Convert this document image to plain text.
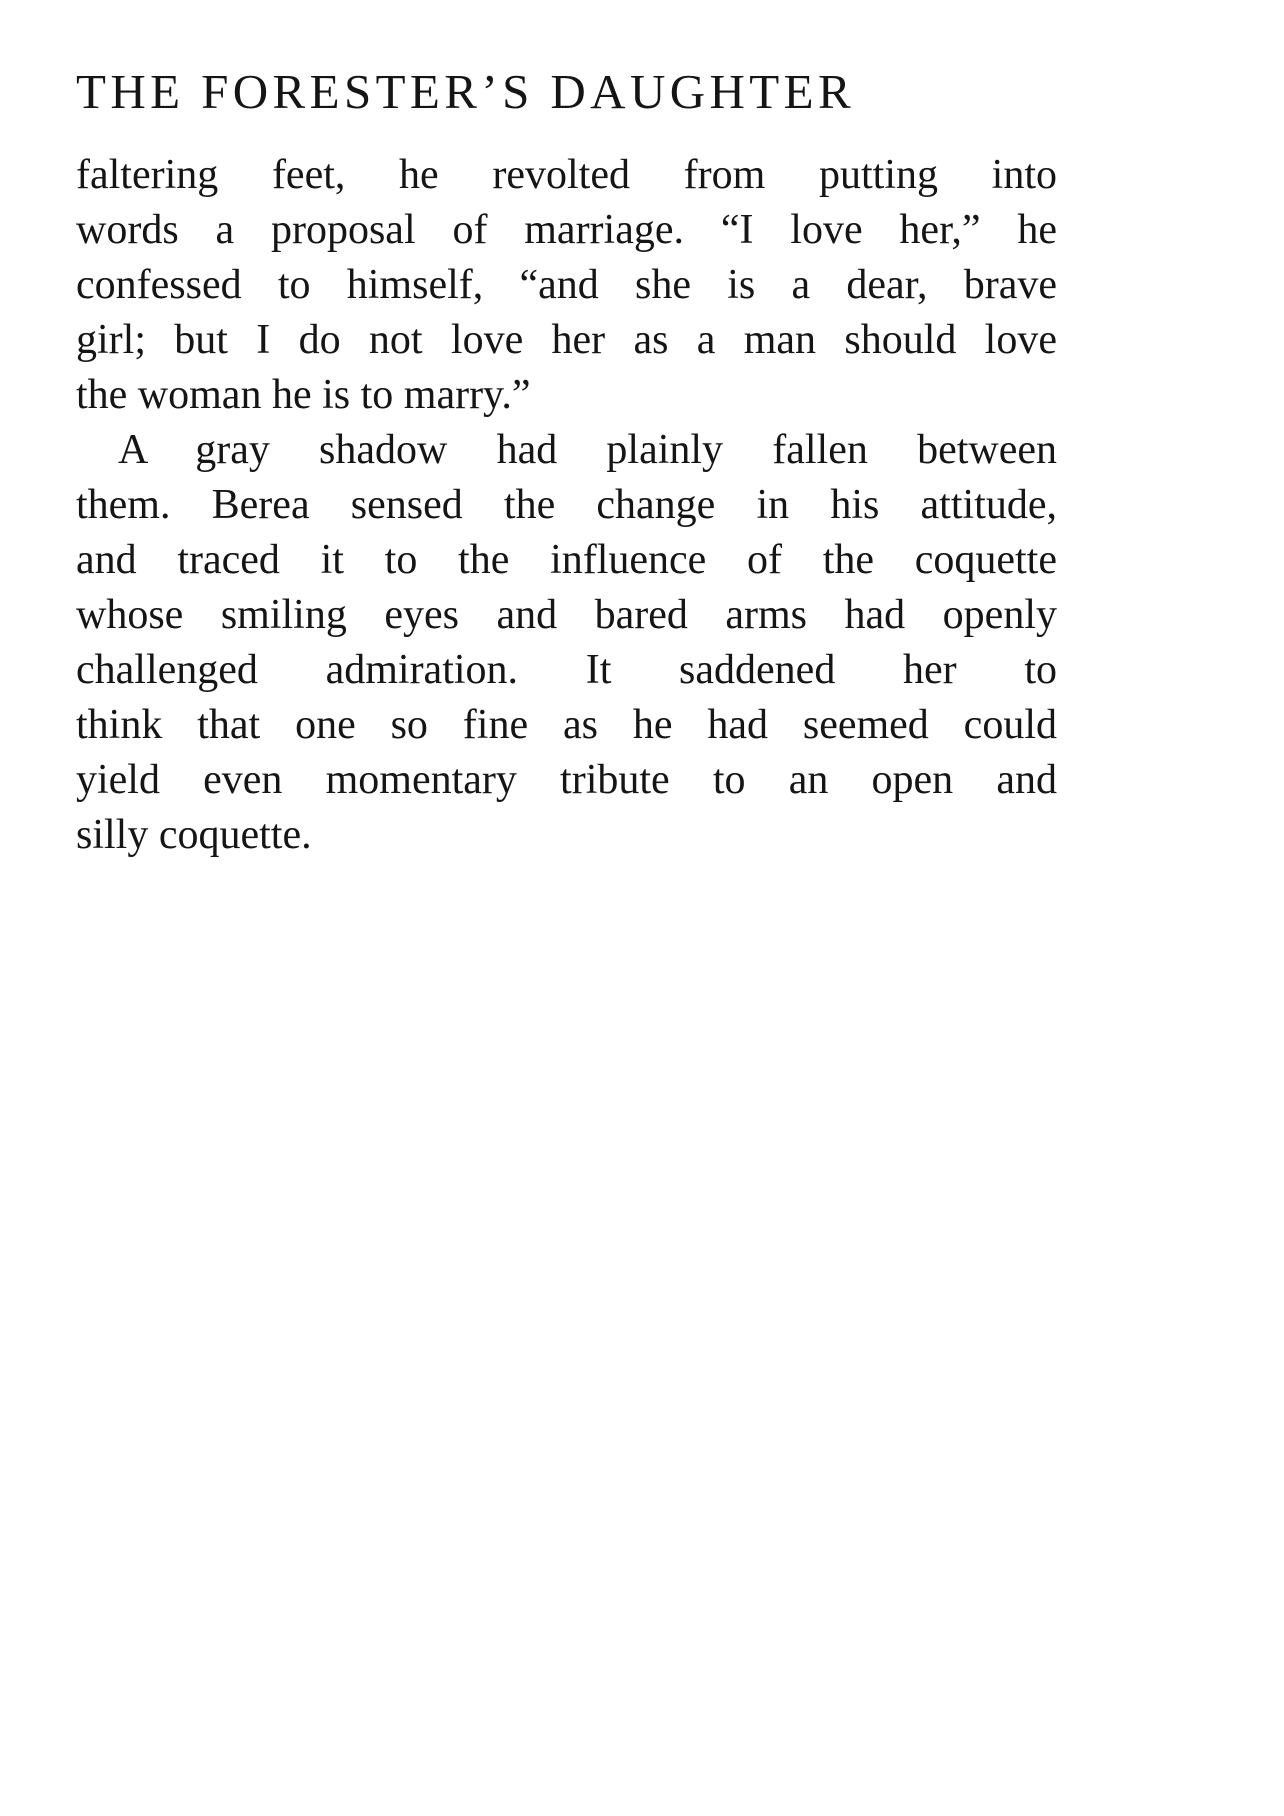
THE FORESTER’S DAUGHTER
faltering feet, he revolted from putting into
words a proposal of marriage. “I love her,” he
confessed to himself, “and she is a dear, brave
girl; but I do not love her as a man should love
the woman he is to marry.”
A gray shadow had plainly fallen between
them. Berea sensed the change in his attitude,
and traced it to the influence of the coquette
whose smiling eyes and bared arms had openly
challenged admiration. It saddened her to
think that one so fine as he had seemed could
yield even momentary tribute to an open and
silly coquette.
